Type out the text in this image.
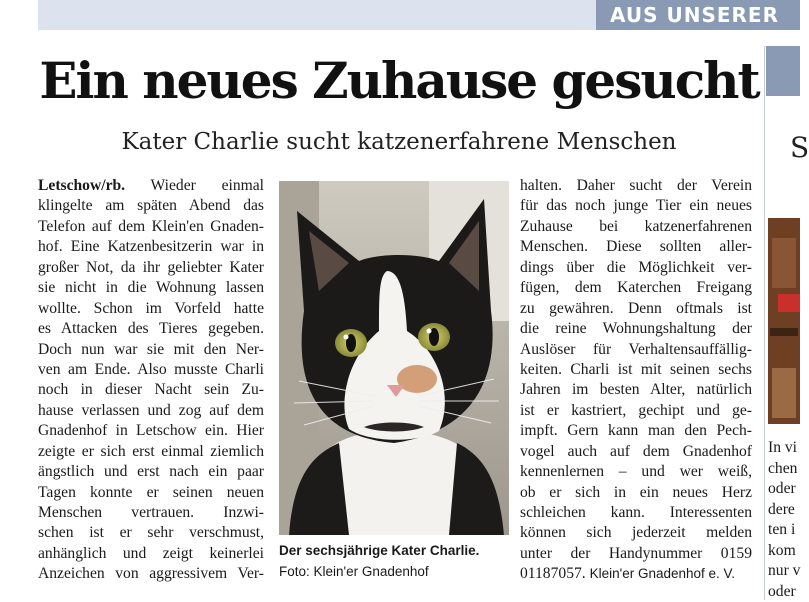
AUS UNSERER
Ein neues Zuhause gesucht
Kater Charlie sucht katzenerfahrene Menschen
Letschow/rb. Wieder einmal
klingelte am späten Abend das
Telefon auf dem Klein'en Gnaden-
hof. Eine Katzenbesitzerin war in
großer Not, da ihr geliebter Kater
sie nicht in die Wohnung lassen
wollte. Schon im Vorfeld hatte
es Attacken des Tieres gegeben.
Doch nun war sie mit den Ner-
ven am Ende. Also musste Charli
noch in dieser Nacht sein Zu-
hause verlassen und zog auf dem
Gnadenhof in Letschow ein. Hier
zeigte er sich erst einmal ziemlich
ängstlich und erst nach ein paar
Tagen konnte er seinen neuen
Menschen vertrauen. Inzwi-
schen ist er sehr verschmust,
anhänglich und zeigt keinerlei
Anzeichen von aggressivem Ver-
Der sechsjährige Kater Charlie.
Foto: Klein'er Gnadenhof
halten. Daher sucht der Verein
für das noch junge Tier ein neues
Zuhause bei katzenerfahrenen
Menschen. Diese sollten aller-
dings über die Möglichkeit ver-
fügen, dem Katerchen Freigang
zu gewähren. Denn oftmals ist
die reine Wohnungshaltung der
Auslöser für Verhaltensauffällig-
keiten. Charli ist mit seinen sechs
Jahren im besten Alter, natürlich
ist er kastriert, gechipt und ge-
impft. Gern kann man den Pech-
vogel auch auf dem Gnadenhof
kennenlernen – und wer weiß,
ob er sich in ein neues Herz
schleichen kann. Interessenten
können sich jederzeit melden
unter der Handynummer 0159
01187057. Klein'er Gnadenhof e. V.
S
In vi
chen
oder
dere
ten i
kom
nur v
oder
